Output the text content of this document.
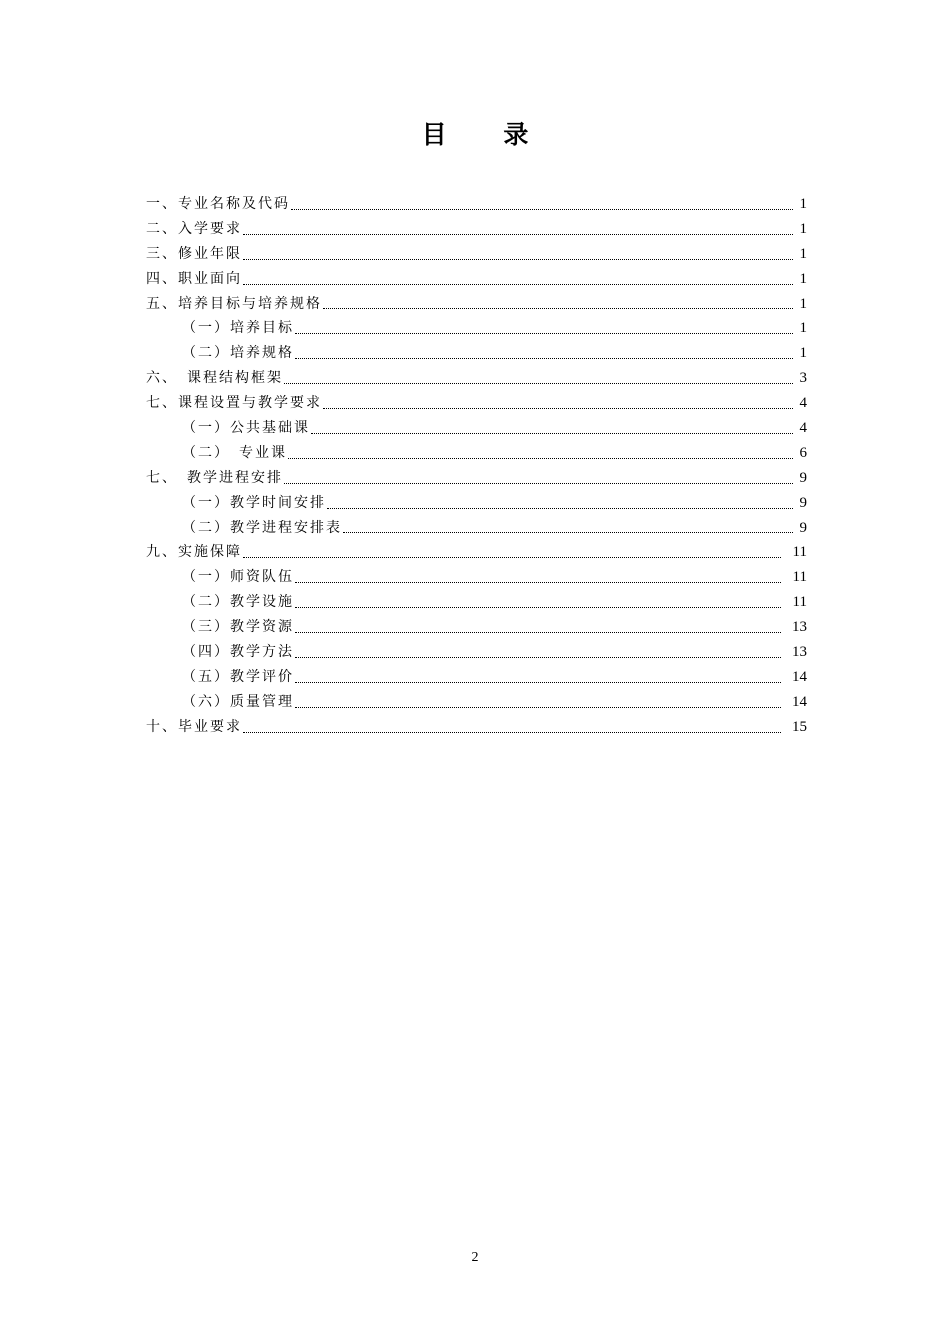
目 录
一、专业名称及代码	1
二、入学要求	1
三、修业年限	1
四、职业面向	1
五、培养目标与培养规格	1
（一）培养目标	1
（二）培养规格	1
六、　课程结构框架	3
七、课程设置与教学要求	4
（一）公共基础课	4
（二）　专业课	6
七、　教学进程安排	9
（一）教学时间安排	9
（二）教学进程安排表	9
九、实施保障	11
（一）师资队伍	11
（二）教学设施	11
（三）教学资源	13
（四）教学方法	13
（五）教学评价	14
（六）质量管理	14
十、毕业要求	15
2
